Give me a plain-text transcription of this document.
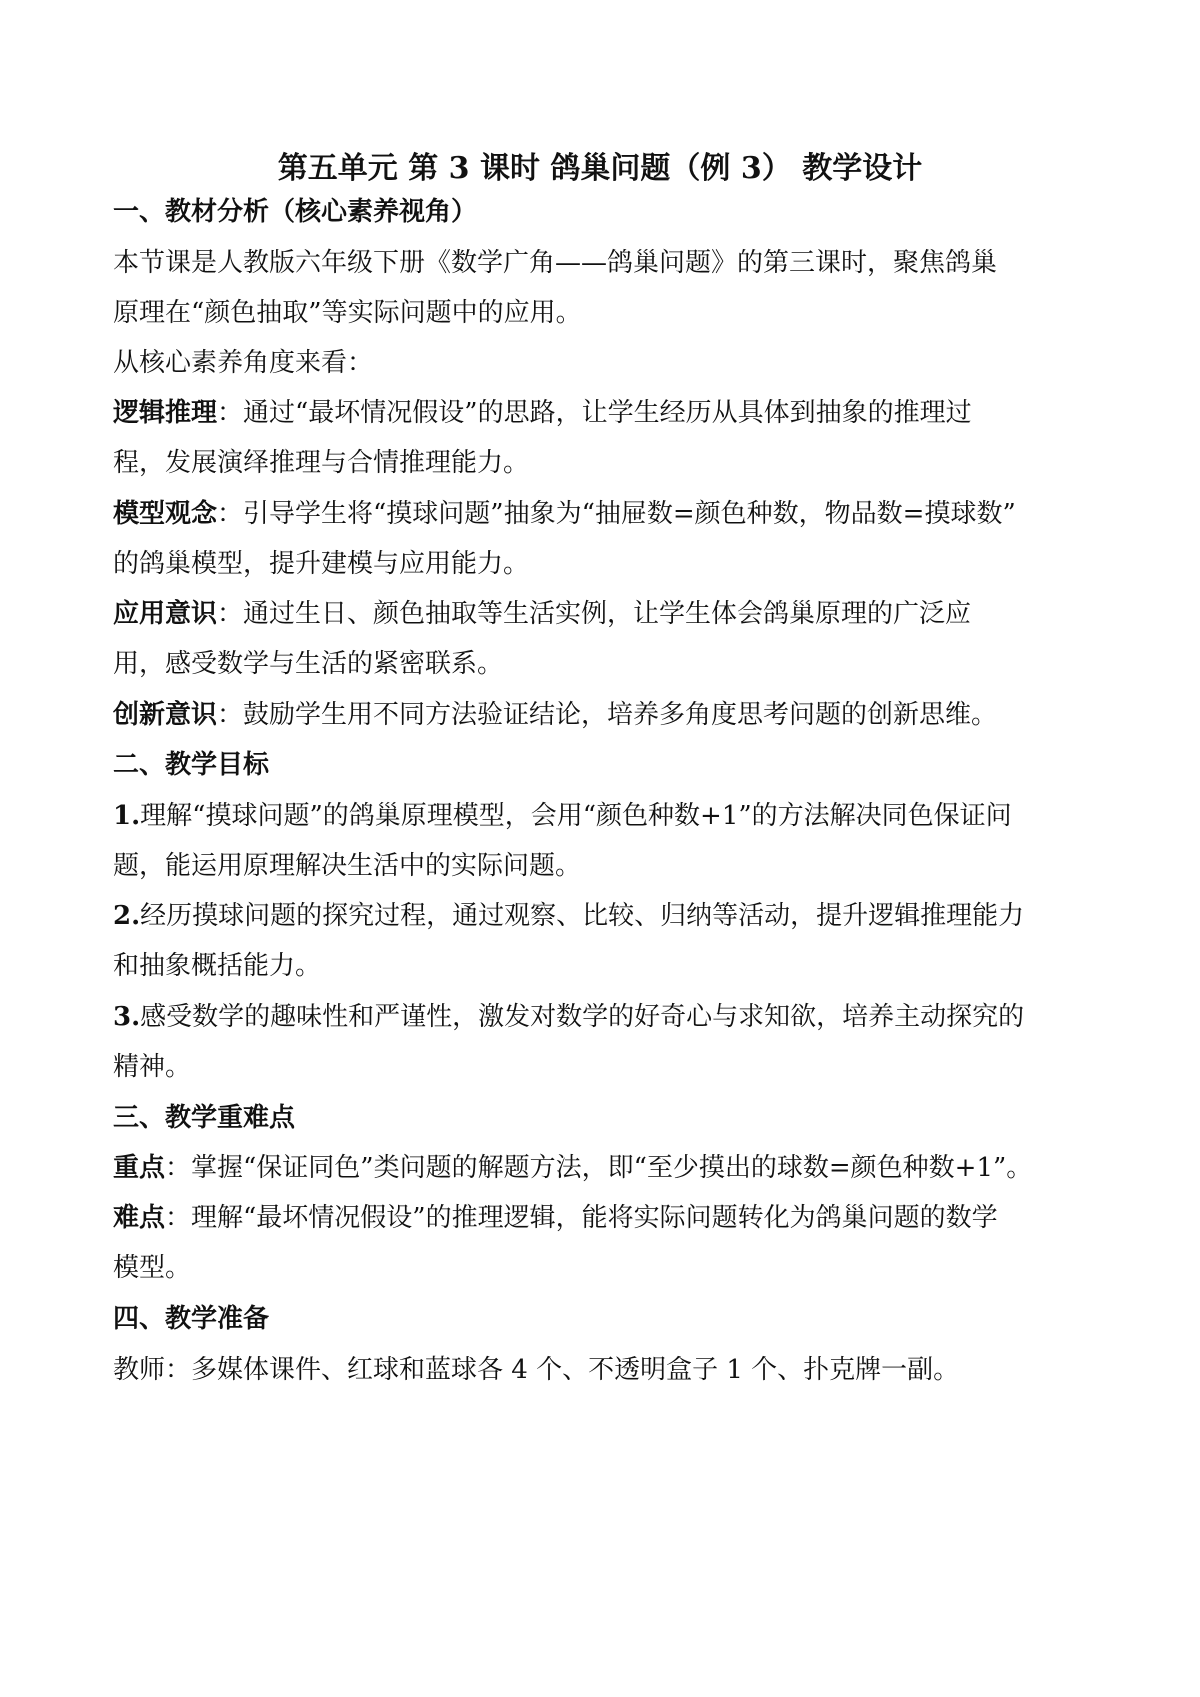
第五单元 第 3 课时 鸽巢问题（例 3） 教学设计
一、教材分析（核心素养视角）
本节课是人教版六年级下册《数学广角——鸽巢问题》的第三课时，聚焦鸽巢
原理在“颜色抽取”等实际问题中的应用。
从核心素养角度来看：
逻辑推理：通过“最坏情况假设”的思路，让学生经历从具体到抽象的推理过
程，发展演绎推理与合情推理能力。
模型观念：引导学生将“摸球问题”抽象为“抽屉数=颜色种数，物品数=摸球数”
的鸽巢模型，提升建模与应用能力。
应用意识：通过生日、颜色抽取等生活实例，让学生体会鸽巢原理的广泛应
用，感受数学与生活的紧密联系。
创新意识：鼓励学生用不同方法验证结论，培养多角度思考问题的创新思维。
二、教学目标
1.理解“摸球问题”的鸽巢原理模型，会用“颜色种数+1”的方法解决同色保证问
题，能运用原理解决生活中的实际问题。
2.经历摸球问题的探究过程，通过观察、比较、归纳等活动，提升逻辑推理能力
和抽象概括能力。
3.感受数学的趣味性和严谨性，激发对数学的好奇心与求知欲，培养主动探究的
精神。
三、教学重难点
重点：掌握“保证同色”类问题的解题方法，即“至少摸出的球数=颜色种数+1”。
难点：理解“最坏情况假设”的推理逻辑，能将实际问题转化为鸽巢问题的数学
模型。
四、教学准备
教师：多媒体课件、红球和蓝球各 4 个、不透明盒子 1 个、扑克牌一副。
